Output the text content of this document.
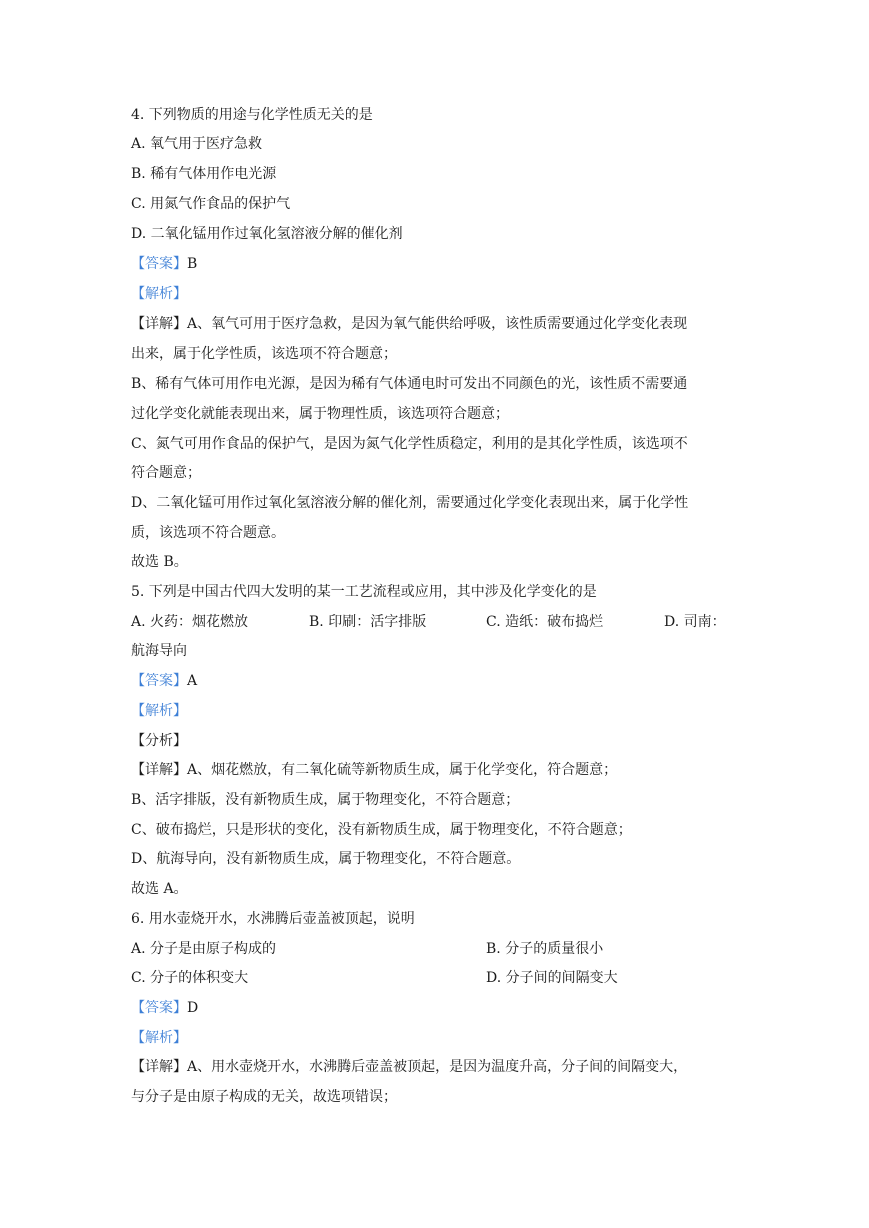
4. 下列物质的用途与化学性质无关的是
A. 氧气用于医疗急救
B. 稀有气体用作电光源
C. 用氮气作食品的保护气
D. 二氧化锰用作过氧化氢溶液分解的催化剂
【答案】B
【解析】
【详解】A、氧气可用于医疗急救，是因为氧气能供给呼吸，该性质需要通过化学变化表现
出来，属于化学性质，该选项不符合题意；
B、稀有气体可用作电光源，是因为稀有气体通电时可发出不同颜色的光，该性质不需要通
过化学变化就能表现出来，属于物理性质，该选项符合题意；
C、氮气可用作食品的保护气，是因为氮气化学性质稳定，利用的是其化学性质，该选项不
符合题意；
D、二氧化锰可用作过氧化氢溶液分解的催化剂，需要通过化学变化表现出来，属于化学性
质，该选项不符合题意。
故选 B。
5. 下列是中国古代四大发明的某一工艺流程或应用，其中涉及化学变化的是
A. 火药：烟花燃放	B. 印刷：活字排版	C. 造纸：破布捣烂	D. 司南：
航海导向
【答案】A
【解析】
【分析】
【详解】A、烟花燃放，有二氧化硫等新物质生成，属于化学变化，符合题意；
B、活字排版，没有新物质生成，属于物理变化，不符合题意；
C、破布捣烂，只是形状的变化，没有新物质生成，属于物理变化，不符合题意；
D、航海导向，没有新物质生成，属于物理变化，不符合题意。
故选 A。
6. 用水壶烧开水，水沸腾后壶盖被顶起，说明
A. 分子是由原子构成的	B. 分子的质量很小
C. 分子的体积变大	D. 分子间的间隔变大
【答案】D
【解析】
【详解】A、用水壶烧开水，水沸腾后壶盖被顶起，是因为温度升高，分子间的间隔变大，
与分子是由原子构成的无关，故选项错误；
